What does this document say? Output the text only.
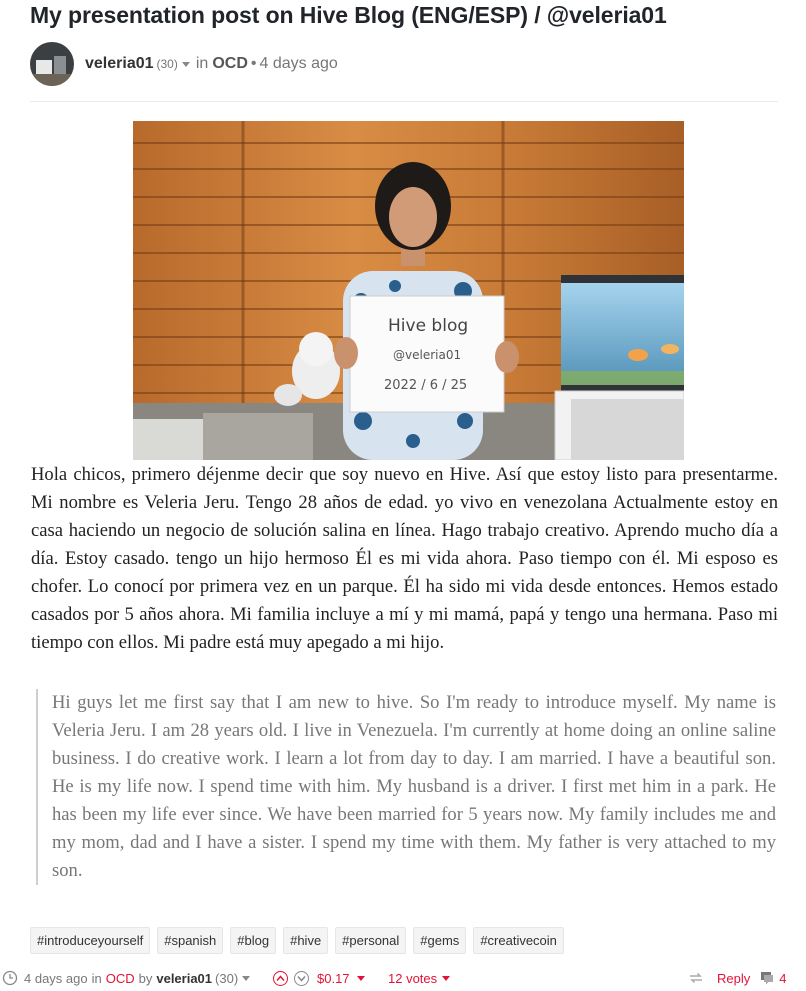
My presentation post on Hive Blog (ENG/ESP) / @veleria01
veleria01 (30) in OCD • 4 days ago
Hive blog
@veleria01
2022 / 6 / 25

Hola chicos, primero déjenme decir que soy nuevo en Hive. Así que estoy listo para presentarme. Mi nombre es Veleria Jeru. Tengo 28 años de edad. yo vivo en venezolana Actualmente estoy en casa haciendo un negocio de solución salina en línea. Hago trabajo creativo. Aprendo mucho día a día. Estoy casado. tengo un hijo hermoso Él es mi vida ahora. Paso tiempo con él. Mi esposo es chofer. Lo conocí por primera vez en un parque. Él ha sido mi vida desde entonces. Hemos estado casados por 5 años ahora. Mi familia incluye a mí y mi mamá, papá y tengo una hermana. Paso mi tiempo con ellos. Mi padre está muy apegado a mi hijo.

Hi guys let me first say that I am new to hive. So I'm ready to introduce myself. My name is Veleria Jeru. I am 28 years old. I live in Venezuela. I'm currently at home doing an online saline business. I do creative work. I learn a lot from day to day. I am married. I have a beautiful son. He is my life now. I spend time with him. My husband is a driver. I first met him in a park. He has been my life ever since. We have been married for 5 years now. My family includes me and my mom, dad and I have a sister. I spend my time with them. My father is very attached to my son.
#introduceyourself	#spanish	#blog	#hive	#personal	#gems	#creativecoin
4 days ago in OCD by veleria01 (30)	$0.17	12 votes	Reply 4
